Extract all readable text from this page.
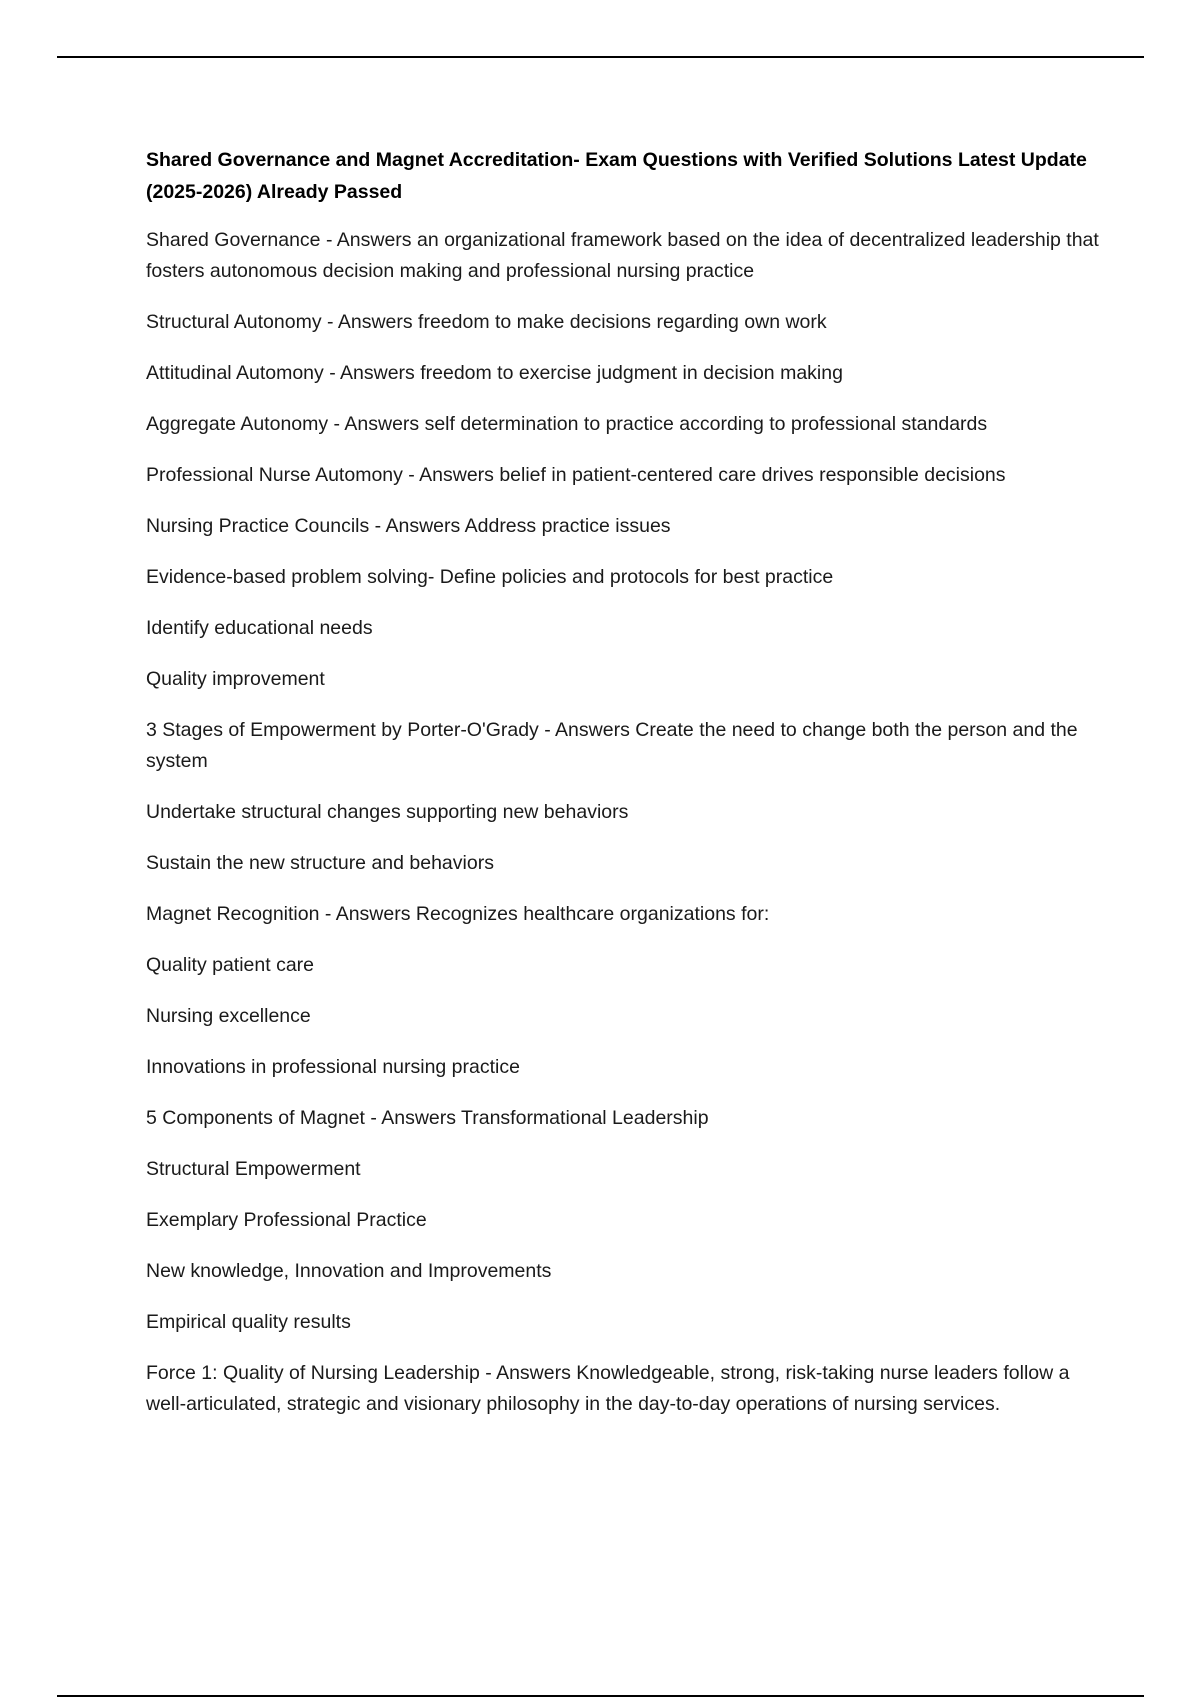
Shared Governance and Magnet Accreditation- Exam Questions with Verified Solutions Latest Update (2025-2026) Already Passed
Shared Governance - Answers an organizational framework based on the idea of decentralized leadership that fosters autonomous decision making and professional nursing practice
Structural Autonomy - Answers freedom to make decisions regarding own work
Attitudinal Automony - Answers freedom to exercise judgment in decision making
Aggregate Autonomy - Answers self determination to practice according to professional standards
Professional Nurse Automony - Answers belief in patient-centered care drives responsible decisions
Nursing Practice Councils - Answers Address practice issues
Evidence-based problem solving- Define policies and protocols for best practice
Identify educational needs
Quality improvement
3 Stages of Empowerment by Porter-O'Grady - Answers Create the need to change both the person and the system
Undertake structural changes supporting new behaviors
Sustain the new structure and behaviors
Magnet Recognition - Answers Recognizes healthcare organizations for:
Quality patient care
Nursing excellence
Innovations in professional nursing practice
5 Components of Magnet - Answers Transformational Leadership
Structural Empowerment
Exemplary Professional Practice
New knowledge, Innovation and Improvements
Empirical quality results
Force 1: Quality of Nursing Leadership - Answers Knowledgeable, strong, risk-taking nurse leaders follow a well-articulated, strategic and visionary philosophy in the day-to-day operations of nursing services.
